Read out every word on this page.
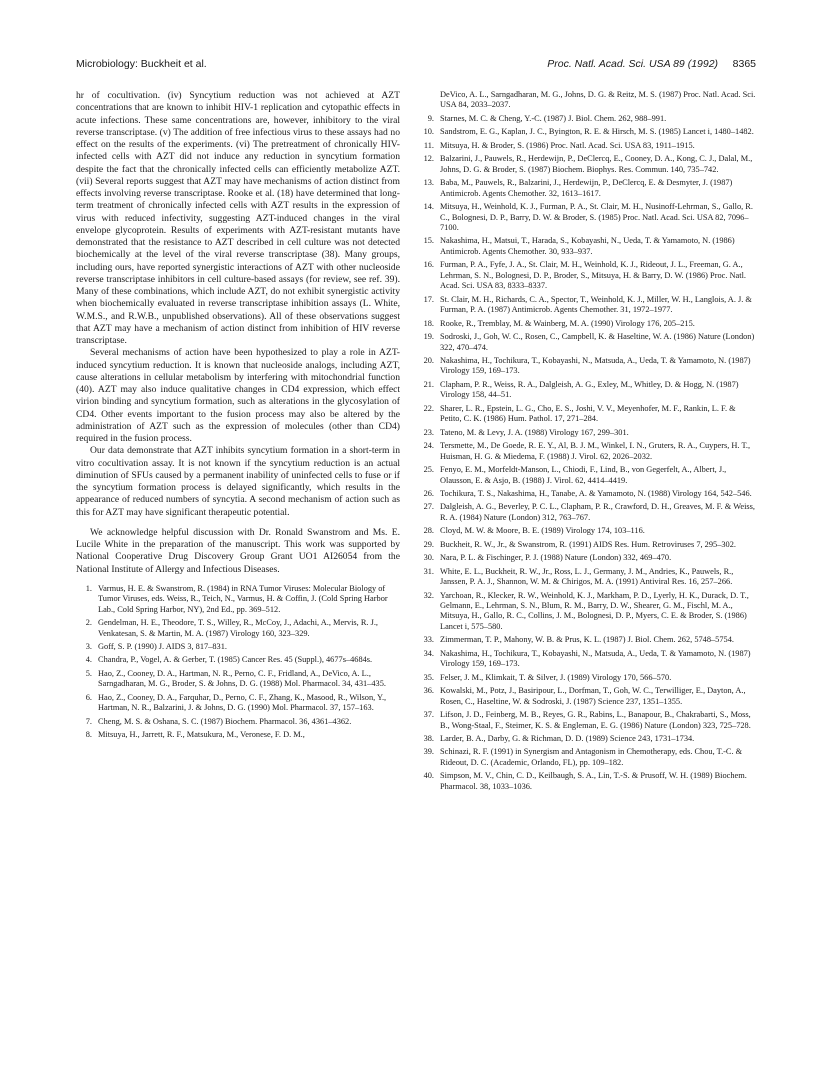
Microbiology: Buckheit et al.	Proc. Natl. Acad. Sci. USA 89 (1992) 8365

hr of cocultivation. (iv) Syncytium reduction was not achieved at AZT concentrations that are known to inhibit HIV-1 replication and cytopathic effects in acute infections. These same concentrations are, however, inhibitory to the viral reverse transcriptase. (v) The addition of free infectious virus to these assays had no effect on the results of the experiments. (vi) The pretreatment of chronically HIV-infected cells with AZT did not induce any reduction in syncytium formation despite the fact that the chronically infected cells can efficiently metabolize AZT. (vii) Several reports suggest that AZT may have mechanisms of action distinct from effects involving reverse transcriptase. Rooke et al. (18) have determined that long-term treatment of chronically infected cells with AZT results in the expression of virus with reduced infectivity, suggesting AZT-induced changes in the viral envelope glycoprotein. Results of experiments with AZT-resistant mutants have demonstrated that the resistance to AZT described in cell culture was not detected biochemically at the level of the viral reverse transcriptase (38). Many groups, including ours, have reported synergistic interactions of AZT with other nucleoside reverse transcriptase inhibitors in cell culture-based assays (for review, see ref. 39). Many of these combinations, which include AZT, do not exhibit synergistic activity when biochemically evaluated in reverse transcriptase inhibition assays (L. White, W.M.S., and R.W.B., unpublished observations). All of these observations suggest that AZT may have a mechanism of action distinct from inhibition of HIV reverse transcriptase.

Several mechanisms of action have been hypothesized to play a role in AZT-induced syncytium reduction. It is known that nucleoside analogs, including AZT, cause alterations in cellular metabolism by interfering with mitochondrial function (40). AZT may also induce qualitative changes in CD4 expression, which effect virion binding and syncytium formation, such as alterations in the glycosylation of CD4. Other events important to the fusion process may also be altered by the administration of AZT such as the expression of molecules (other than CD4) required in the fusion process.

Our data demonstrate that AZT inhibits syncytium formation in a short-term in vitro cocultivation assay. It is not known if the syncytium reduction is an actual diminution of SFUs caused by a permanent inability of uninfected cells to fuse or if the syncytium formation process is delayed significantly, which results in the appearance of reduced numbers of syncytia. A second mechanism of action such as this for AZT may have significant therapeutic potential.

We acknowledge helpful discussion with Dr. Ronald Swanstrom and Ms. E. Lucile White in the preparation of the manuscript. This work was supported by National Cooperative Drug Discovery Group Grant UO1 AI26054 from the National Institute of Allergy and Infectious Diseases.

1. Varmus, H. E. & Swanstrom, R. (1984) in RNA Tumor Viruses: Molecular Biology of Tumor Viruses, eds. Weiss, R., Teich, N., Varmus, H. & Coffin, J. (Cold Spring Harbor Lab., Cold Spring Harbor, NY), 2nd Ed., pp. 369–512.
2. Gendelman, H. E., Theodore, T. S., Willey, R., McCoy, J., Adachi, A., Mervis, R. J., Venkatesan, S. & Martin, M. A. (1987) Virology 160, 323–329.
3. Goff, S. P. (1990) J. AIDS 3, 817–831.
4. Chandra, P., Vogel, A. & Gerber, T. (1985) Cancer Res. 45 (Suppl.), 4677s–4684s.
5. Hao, Z., Cooney, D. A., Hartman, N. R., Perno, C. F., Fridland, A., DeVico, A. L., Sarngadharan, M. G., Broder, S. & Johns, D. G. (1988) Mol. Pharmacol. 34, 431–435.
6. Hao, Z., Cooney, D. A., Farquhar, D., Perno, C. F., Zhang, K., Masood, R., Wilson, Y., Hartman, N. R., Balzarini, J. & Johns, D. G. (1990) Mol. Pharmacol. 37, 157–163.
7. Cheng, M. S. & Oshana, S. C. (1987) Biochem. Pharmacol. 36, 4361–4362.
8. Mitsuya, H., Jarrett, R. F., Matsukura, M., Veronese, F. D. M.,
DeVico, A. L., Sarngadharan, M. G., Johns, D. G. & Reitz, M. S. (1987) Proc. Natl. Acad. Sci. USA 84, 2033–2037.
9. Starnes, M. C. & Cheng, Y.-C. (1987) J. Biol. Chem. 262, 988–991.
10. Sandstrom, E. G., Kaplan, J. C., Byington, R. E. & Hirsch, M. S. (1985) Lancet i, 1480–1482.
11. Mitsuya, H. & Broder, S. (1986) Proc. Natl. Acad. Sci. USA 83, 1911–1915.
12. Balzarini, J., Pauwels, R., Herdewijn, P., DeClercq, E., Cooney, D. A., Kong, C. J., Dalal, M., Johns, D. G. & Broder, S. (1987) Biochem. Biophys. Res. Commun. 140, 735–742.
13. Baba, M., Pauwels, R., Balzarini, J., Herdewijn, P., DeClercq, E. & Desmyter, J. (1987) Antimicrob. Agents Chemother. 32, 1613–1617.
14. Mitsuya, H., Weinhold, K. J., Furman, P. A., St. Clair, M. H., Nusinoff-Lehrman, S., Gallo, R. C., Bolognesi, D. P., Barry, D. W. & Broder, S. (1985) Proc. Natl. Acad. Sci. USA 82, 7096–7100.
15. Nakashima, H., Matsui, T., Harada, S., Kobayashi, N., Ueda, T. & Yamamoto, N. (1986) Antimicrob. Agents Chemother. 30, 933–937.
16. Furman, P. A., Fyfe, J. A., St. Clair, M. H., Weinhold, K. J., Rideout, J. L., Freeman, G. A., Lehrman, S. N., Bolognesi, D. P., Broder, S., Mitsuya, H. & Barry, D. W. (1986) Proc. Natl. Acad. Sci. USA 83, 8333–8337.
17. St. Clair, M. H., Richards, C. A., Spector, T., Weinhold, K. J., Miller, W. H., Langlois, A. J. & Furman, P. A. (1987) Antimicrob. Agents Chemother. 31, 1972–1977.
18. Rooke, R., Tremblay, M. & Wainberg, M. A. (1990) Virology 176, 205–215.
19. Sodroski, J., Goh, W. C., Rosen, C., Campbell, K. & Haseltine, W. A. (1986) Nature (London) 322, 470–474.
20. Nakashima, H., Tochikura, T., Kobayashi, N., Matsuda, A., Ueda, T. & Yamamoto, N. (1987) Virology 159, 169–173.
21. Clapham, P. R., Weiss, R. A., Dalgleish, A. G., Exley, M., Whitley, D. & Hogg, N. (1987) Virology 158, 44–51.
22. Sharer, L. R., Epstein, L. G., Cho, E. S., Joshi, V. V., Meyenhofer, M. F., Rankin, L. F. & Petito, C. K. (1986) Hum. Pathol. 17, 271–284.
23. Tateno, M. & Levy, J. A. (1988) Virology 167, 299–301.
24. Tersmette, M., De Goede, R. E. Y., Al, B. J. M., Winkel, I. N., Gruters, R. A., Cuypers, H. T., Huisman, H. G. & Miedema, F. (1988) J. Virol. 62, 2026–2032.
25. Fenyo, E. M., Morfeldt-Manson, L., Chiodi, F., Lind, B., von Gegerfelt, A., Albert, J., Olausson, E. & Asjo, B. (1988) J. Virol. 62, 4414–4419.
26. Tochikura, T. S., Nakashima, H., Tanabe, A. & Yamamoto, N. (1988) Virology 164, 542–546.
27. Dalgleish, A. G., Beverley, P. C. L., Clapham, P. R., Crawford, D. H., Greaves, M. F. & Weiss, R. A. (1984) Nature (London) 312, 763–767.
28. Cloyd, M. W. & Moore, B. E. (1989) Virology 174, 103–116.
29. Buckheit, R. W., Jr., & Swanstrom, R. (1991) AIDS Res. Hum. Retroviruses 7, 295–302.
30. Nara, P. L. & Fischinger, P. J. (1988) Nature (London) 332, 469–470.
31. White, E. L., Buckheit, R. W., Jr., Ross, L. J., Germany, J. M., Andries, K., Pauwels, R., Janssen, P. A. J., Shannon, W. M. & Chirigos, M. A. (1991) Antiviral Res. 16, 257–266.
32. Yarchoan, R., Klecker, R. W., Weinhold, K. J., Markham, P. D., Lyerly, H. K., Durack, D. T., Gelmann, E., Lehrman, S. N., Blum, R. M., Barry, D. W., Shearer, G. M., Fischl, M. A., Mitsuya, H., Gallo, R. C., Collins, J. M., Bolognesi, D. P., Myers, C. E. & Broder, S. (1986) Lancet i, 575–580.
33. Zimmerman, T. P., Mahony, W. B. & Prus, K. L. (1987) J. Biol. Chem. 262, 5748–5754.
34. Nakashima, H., Tochikura, T., Kobayashi, N., Matsuda, A., Ueda, T. & Yamamoto, N. (1987) Virology 159, 169–173.
35. Felser, J. M., Klimkait, T. & Silver, J. (1989) Virology 170, 566–570.
36. Kowalski, M., Potz, J., Basiripour, L., Dorfman, T., Goh, W. C., Terwilliger, E., Dayton, A., Rosen, C., Haseltine, W. & Sodroski, J. (1987) Science 237, 1351–1355.
37. Lifson, J. D., Feinberg, M. B., Reyes, G. R., Rabins, L., Banapour, B., Chakrabarti, S., Moss, B., Wong-Staal, F., Steimer, K. S. & Engleman, E. G. (1986) Nature (London) 323, 725–728.
38. Larder, B. A., Darby, G. & Richman, D. D. (1989) Science 243, 1731–1734.
39. Schinazi, R. F. (1991) in Synergism and Antagonism in Chemotherapy, eds. Chou, T.-C. & Rideout, D. C. (Academic, Orlando, FL), pp. 109–182.
40. Simpson, M. V., Chin, C. D., Keilbaugh, S. A., Lin, T.-S. & Prusoff, W. H. (1989) Biochem. Pharmacol. 38, 1033–1036.
